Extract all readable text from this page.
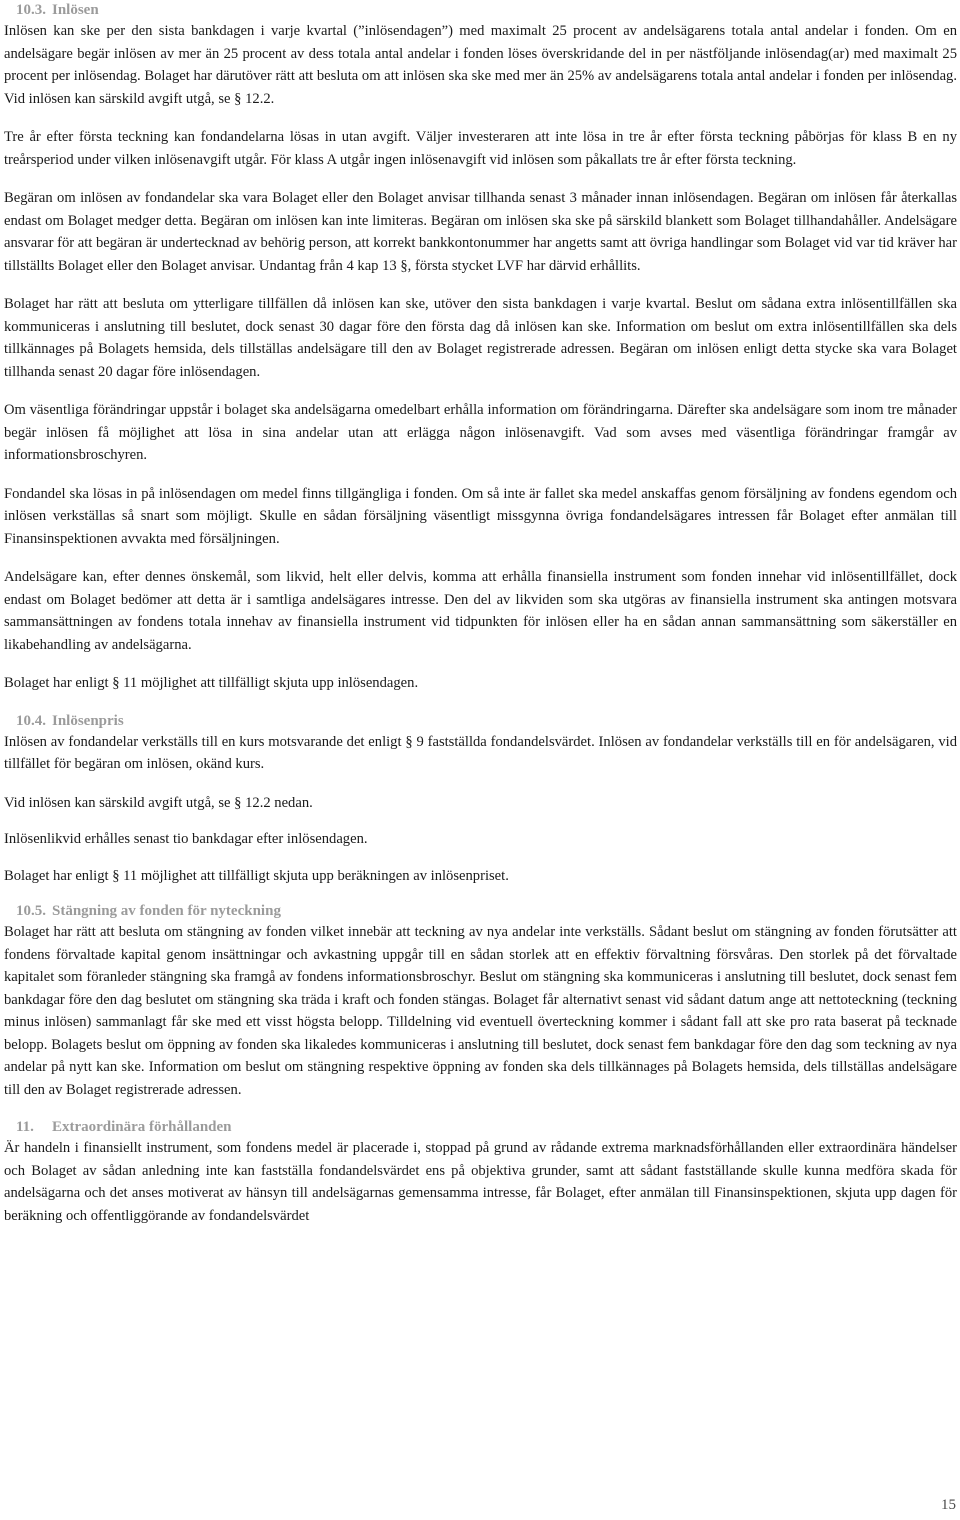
10.3. Inlösen

Inlösen kan ske per den sista bankdagen i varje kvartal (”inlösendagen”) med maximalt 25 procent av andelsägarens totala antal andelar i fonden. Om en andelsägare begär inlösen av mer än 25 procent av dess totala antal andelar i fonden löses överskridande del in per nästföljande inlösendag(ar) med maximalt 25 procent per inlösendag. Bolaget har därutöver rätt att besluta om att inlösen ska ske med mer än 25% av andelsägarens totala antal andelar i fonden per inlösendag. Vid inlösen kan särskild avgift utgå, se § 12.2.

Tre år efter första teckning kan fondandelarna lösas in utan avgift. Väljer investeraren att inte lösa in tre år efter första teckning påbörjas för klass B en ny treårsperiod under vilken inlösenavgift utgår. För klass A utgår ingen inlösenavgift vid inlösen som påkallats tre år efter första teckning.

Begäran om inlösen av fondandelar ska vara Bolaget eller den Bolaget anvisar tillhanda senast 3 månader innan inlösendagen. Begäran om inlösen får återkallas endast om Bolaget medger detta. Begäran om inlösen kan inte limiteras. Begäran om inlösen ska ske på särskild blankett som Bolaget tillhandahåller. Andelsägare ansvarar för att begäran är undertecknad av behörig person, att korrekt bankkontonummer har angetts samt att övriga handlingar som Bolaget vid var tid kräver har tillställts Bolaget eller den Bolaget anvisar. Undantag från 4 kap 13 §, första stycket LVF har därvid erhållits.

Bolaget har rätt att besluta om ytterligare tillfällen då inlösen kan ske, utöver den sista bankdagen i varje kvartal. Beslut om sådana extra inlösentillfällen ska kommuniceras i anslutning till beslutet, dock senast 30 dagar före den första dag då inlösen kan ske. Information om beslut om extra inlösentillfällen ska dels tillkännages på Bolagets hemsida, dels tillställas andelsägare till den av Bolaget registrerade adressen. Begäran om inlösen enligt detta stycke ska vara Bolaget tillhanda senast 20 dagar före inlösendagen.

Om väsentliga förändringar uppstår i bolaget ska andelsägarna omedelbart erhålla information om förändringarna. Därefter ska andelsägare som inom tre månader begär inlösen få möjlighet att lösa in sina andelar utan att erlägga någon inlösenavgift. Vad som avses med väsentliga förändringar framgår av informationsbroschyren.

Fondandel ska lösas in på inlösendagen om medel finns tillgängliga i fonden. Om så inte är fallet ska medel anskaffas genom försäljning av fondens egendom och inlösen verkställas så snart som möjligt. Skulle en sådan försäljning väsentligt missgynna övriga fondandelsägares intressen får Bolaget efter anmälan till Finansinspektionen avvakta med försäljningen.

Andelsägare kan, efter dennes önskemål, som likvid, helt eller delvis, komma att erhålla finansiella instrument som fonden innehar vid inlösentillfället, dock endast om Bolaget bedömer att detta är i samtliga andelsägares intresse. Den del av likviden som ska utgöras av finansiella instrument ska antingen motsvara sammansättningen av fondens totala innehav av finansiella instrument vid tidpunkten för inlösen eller ha en sådan annan sammansättning som säkerställer en likabehandling av andelsägarna.

Bolaget har enligt § 11 möjlighet att tillfälligt skjuta upp inlösendagen.

10.4. Inlösenpris

Inlösen av fondandelar verkställs till en kurs motsvarande det enligt § 9 fastställda fondandelsvärdet. Inlösen av fondandelar verkställs till en för andelsägaren, vid tillfället för begäran om inlösen, okänd kurs.

Vid inlösen kan särskild avgift utgå, se § 12.2 nedan.

Inlösenlikvid erhålles senast tio bankdagar efter inlösendagen.

Bolaget har enligt § 11 möjlighet att tillfälligt skjuta upp beräkningen av inlösenpriset.

10.5. Stängning av fonden för nyteckning

Bolaget har rätt att besluta om stängning av fonden vilket innebär att teckning av nya andelar inte verkställs. Sådant beslut om stängning av fonden förutsätter att fondens förvaltade kapital genom insättningar och avkastning uppgår till en sådan storlek att en effektiv förvaltning försvåras. Den storlek på det förvaltade kapitalet som föranleder stängning ska framgå av fondens informationsbroschyr. Beslut om stängning ska kommuniceras i anslutning till beslutet, dock senast fem bankdagar före den dag beslutet om stängning ska träda i kraft och fonden stängas. Bolaget får alternativt senast vid sådant datum ange att nettoteckning (teckning minus inlösen) sammanlagt får ske med ett visst högsta belopp. Tilldelning vid eventuell överteckning kommer i sådant fall att ske pro rata baserat på tecknade belopp. Bolagets beslut om öppning av fonden ska likaledes kommuniceras i anslutning till beslutet, dock senast fem bankdagar före den dag som teckning av nya andelar på nytt kan ske. Information om beslut om stängning respektive öppning av fonden ska dels tillkännages på Bolagets hemsida, dels tillställas andelsägare till den av Bolaget registrerade adressen.

11. Extraordinära förhållanden

Är handeln i finansiellt instrument, som fondens medel är placerade i, stoppad på grund av rådande extrema marknadsförhållanden eller extraordinära händelser och Bolaget av sådan anledning inte kan fastställa fondandelsvärdet ens på objektiva grunder, samt att sådant fastställande skulle kunna medföra skada för andelsägarna och det anses motiverat av hänsyn till andelsägarnas gemensamma intresse, får Bolaget, efter anmälan till Finansinspektionen, skjuta upp dagen för beräkning och offentliggörande av fondandelsvärdet

15
